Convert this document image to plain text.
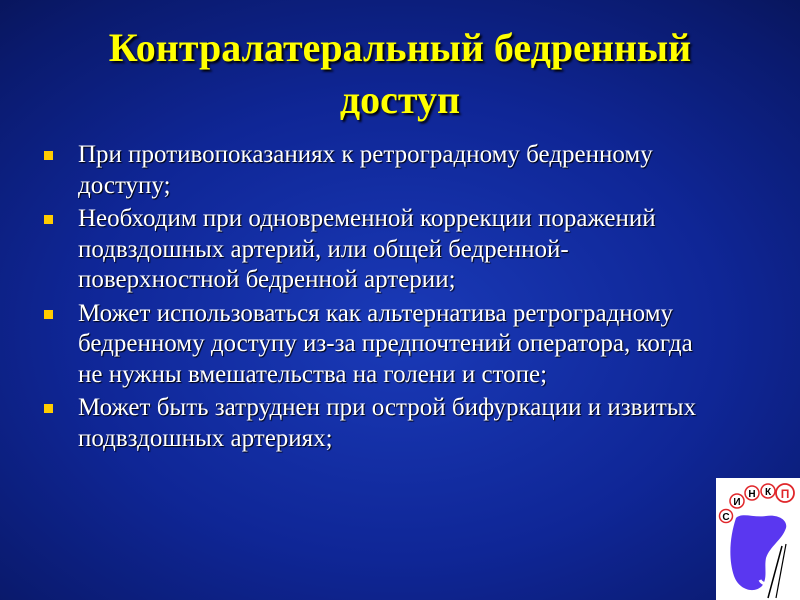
Контралатеральный бедренный
доступ
При противопоказаниях к ретроградному бедренному доступу;
Необходим при одновременной коррекции поражений подвздошных артерий, или общей бедренной-поверхностной бедренной артерии;
Может использоваться как альтернатива ретроградному бедренному доступу из-за предпочтений оператора, когда не нужны вмешательства на голени и стопе;
Может быть затруднен при острой бифуркации и извитых подвздошных артериях;
С
И
Н К П
